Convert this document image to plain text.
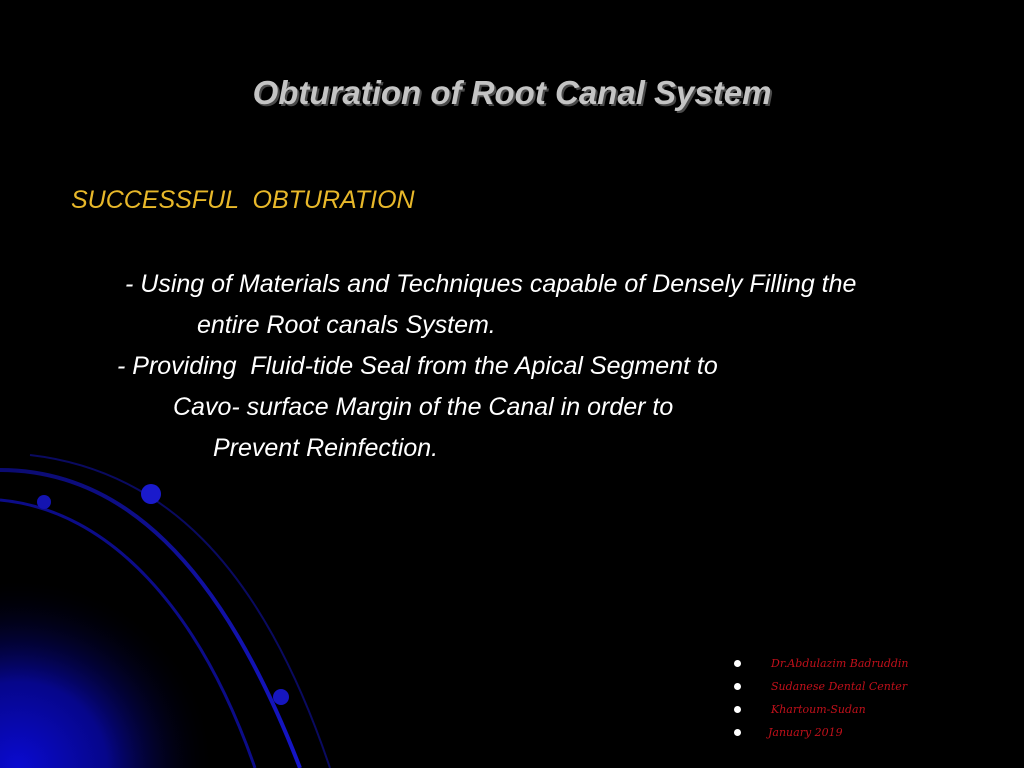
Obturation of Root Canal System
SUCCESSFUL  OBTURATION
- Using of Materials and Techniques capable of Densely Filling the
entire Root canals System.
- Providing  Fluid-tide Seal from the Apical Segment to
Cavo- surface Margin of the Canal in order to
Prevent Reinfection.
Dr.Abdulazim Badruddin
Sudanese Dental Center
Khartoum-Sudan
January 2019
